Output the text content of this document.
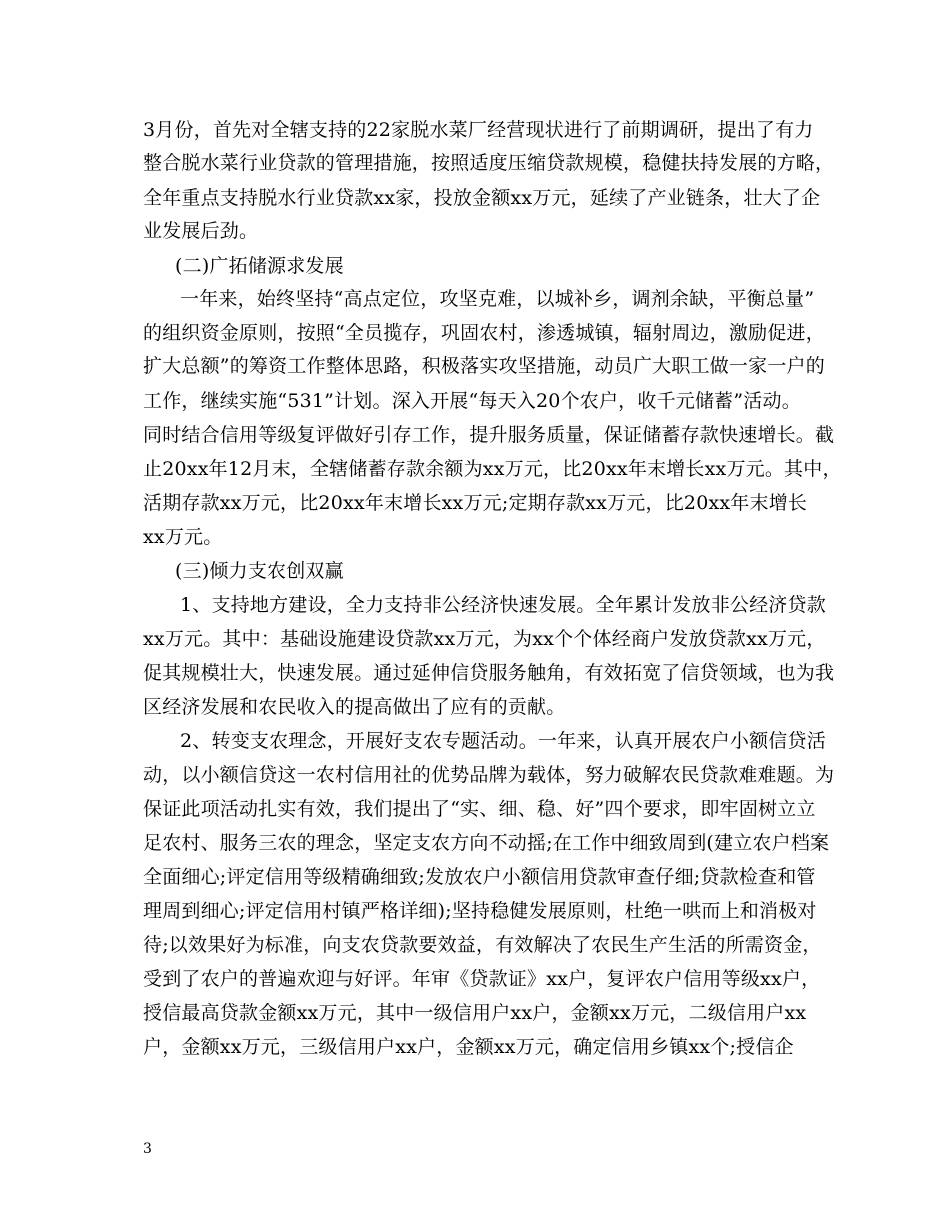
3月份，首先对全辖支持的22家脱水菜厂经营现状进行了前期调研，提出了有力
整合脱水菜行业贷款的管理措施，按照适度压缩贷款规模，稳健扶持发展的方略，
全年重点支持脱水行业贷款xx家，投放金额xx万元，延续了产业链条，壮大了企
业发展后劲。
(二)广拓储源求发展
一年来，始终坚持“高点定位，攻坚克难，以城补乡，调剂余缺，平衡总量”
的组织资金原则，按照“全员揽存，巩固农村，渗透城镇，辐射周边，激励促进，
扩大总额”的筹资工作整体思路，积极落实攻坚措施，动员广大职工做一家一户的
工作，继续实施“531”计划。深入开展“每天入20个农户，收千元储蓄”活动。
同时结合信用等级复评做好引存工作，提升服务质量，保证储蓄存款快速增长。截
止20xx年12月末，全辖储蓄存款余额为xx万元，比20xx年末增长xx万元。其中，
活期存款xx万元，比20xx年末增长xx万元;定期存款xx万元，比20xx年末增长
xx万元。
(三)倾力支农创双赢
1、支持地方建设，全力支持非公经济快速发展。全年累计发放非公经济贷款
xx万元。其中：基础设施建设贷款xx万元，为xx个个体经商户发放贷款xx万元，
促其规模壮大，快速发展。通过延伸信贷服务触角，有效拓宽了信贷领域，也为我
区经济发展和农民收入的提高做出了应有的贡献。
2、转变支农理念，开展好支农专题活动。一年来，认真开展农户小额信贷活
动，以小额信贷这一农村信用社的优势品牌为载体，努力破解农民贷款难难题。为
保证此项活动扎实有效，我们提出了“实、细、稳、好”四个要求，即牢固树立立
足农村、服务三农的理念，坚定支农方向不动摇;在工作中细致周到(建立农户档案
全面细心;评定信用等级精确细致;发放农户小额信用贷款审查仔细;贷款检查和管
理周到细心;评定信用村镇严格详细);坚持稳健发展原则，杜绝一哄而上和消极对
待;以效果好为标准，向支农贷款要效益，有效解决了农民生产生活的所需资金，
受到了农户的普遍欢迎与好评。年审《贷款证》xx户，复评农户信用等级xx户，
授信最高贷款金额xx万元，其中一级信用户xx户，金额xx万元，二级信用户xx
户，金额xx万元，三级信用户xx户，金额xx万元，确定信用乡镇xx个;授信企
3
